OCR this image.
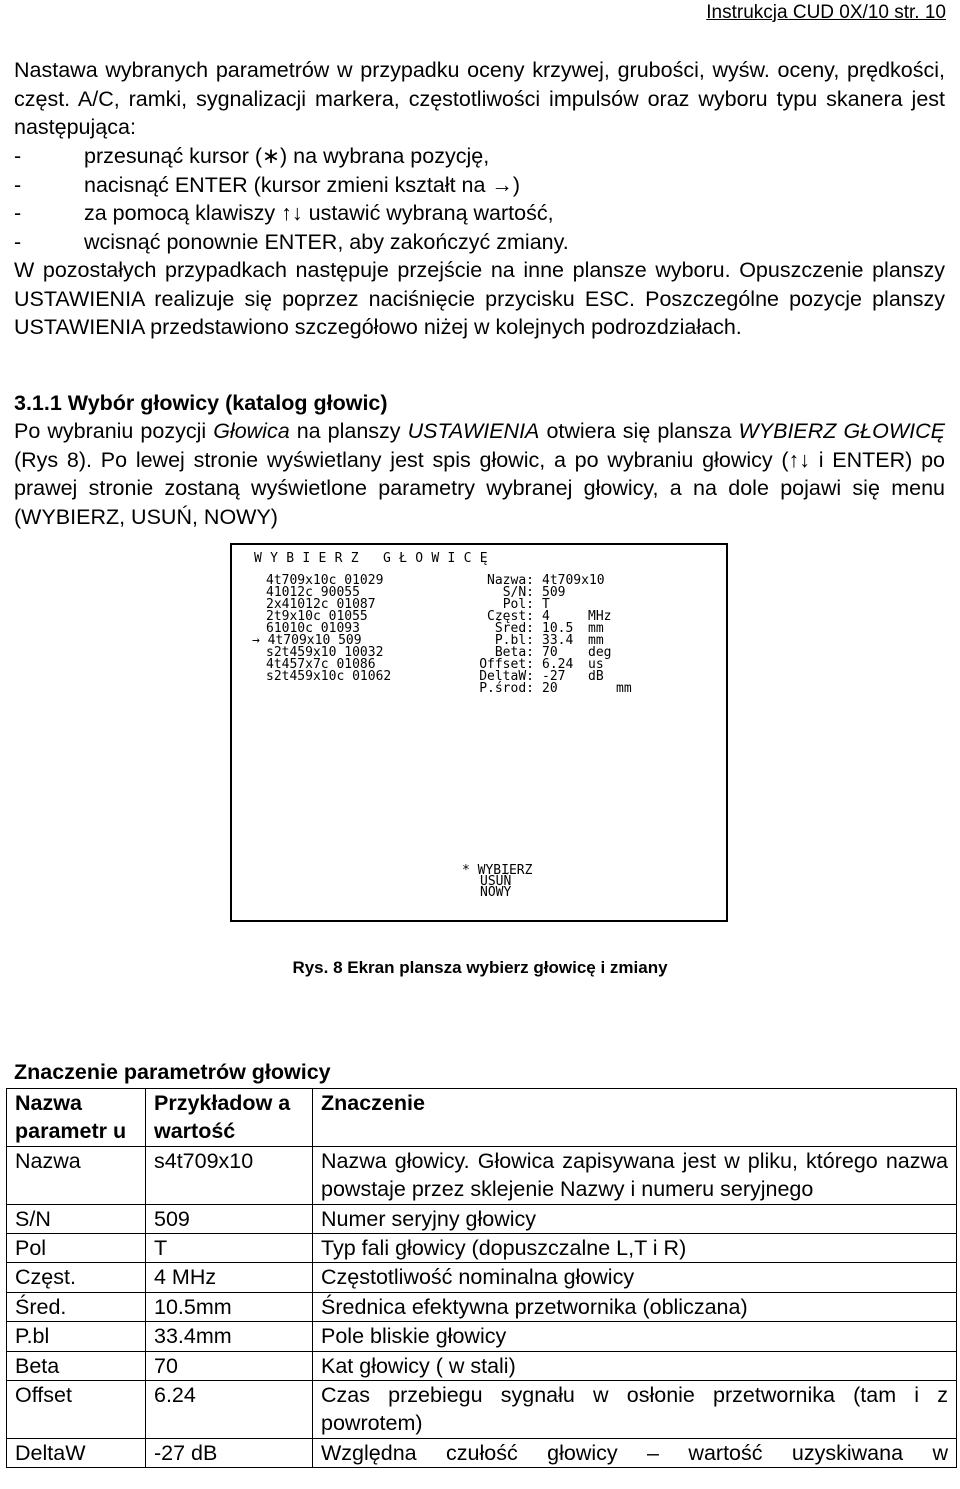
Instrukcja CUD 0X/10 str. 10

Nastawa wybranych parametrów w przypadku oceny krzywej, grubości, wyśw. oceny, prędkości, częst. A/C, ramki, sygnalizacji markera, częstotliwości impulsów oraz wyboru typu skanera jest następująca:

-	przesunąć kursor (∗) na wybrana pozycję,
-	nacisnąć ENTER (kursor zmieni kształt na →)
-	za pomocą klawiszy ↑↓ ustawić wybraną wartość,
-	wcisnąć ponownie ENTER, aby zakończyć zmiany.

W pozostałych przypadkach następuje przejście na inne plansze wyboru. Opuszczenie planszy USTAWIENIA realizuje się poprzez naciśnięcie przycisku ESC. Poszczególne pozycje planszy USTAWIENIA przedstawiono szczegółowo niżej w kolejnych podrozdziałach.

3.1.1 Wybór głowicy (katalog głowic)

Po wybraniu pozycji Głowica na planszy USTAWIENIA otwiera się plansza WYBIERZ GŁOWICĘ (Rys 8). Po lewej stronie wyświetlany jest spis głowic, a po wybraniu głowicy (↑↓ i ENTER) po prawej stronie zostaną wyświetlone parametry wybranej głowicy, a na dole pojawi się menu (WYBIERZ, USUŃ, NOWY)

WYBIERZ GŁOWICĘ
4t709x10c 01029
41012c 90055
2x41012c 01087
2t9x10c 01055
61010c 01093
→ 4t709x10 509
s2t459x10 10032
4t457x7c 01086
s2t459x10c 01062
Nazwa: 4t709x10
S/N: 509
Pol: T
Częst: 4	MHz
Śred: 10.5 mm
P.bl: 33.4 mm
Beta: 70 deg
Offset: 6.24 us
DeltaW: -27 dB
P.środ: 20	mm
* WYBIERZ
USUŃ
NOWY
Rys. 8 Ekran plansza wybierz głowicę i zmiany
Znaczenie parametrów głowicy
Nazwa parametr u	Przykładow a wartość	Znaczenie
Nazwa	s4t709x10	Nazwa głowicy. Głowica zapisywana jest w pliku, którego nazwa powstaje przez sklejenie Nazwy i numeru seryjnego
S/N	509	Numer seryjny głowicy
Pol	T	Typ fali głowicy (dopuszczalne L,T i R)
Częst.	4 MHz	Częstotliwość nominalna głowicy
Śred.	10.5mm	Średnica efektywna przetwornika (obliczana)
P.bl	33.4mm	Pole bliskie głowicy
Beta	70	Kat głowicy ( w stali)
Offset	6.24	Czas przebiegu sygnału w osłonie przetwornika (tam i z powrotem)
DeltaW	-27 dB	Względna czułość głowicy – wartość uzyskiwana w
